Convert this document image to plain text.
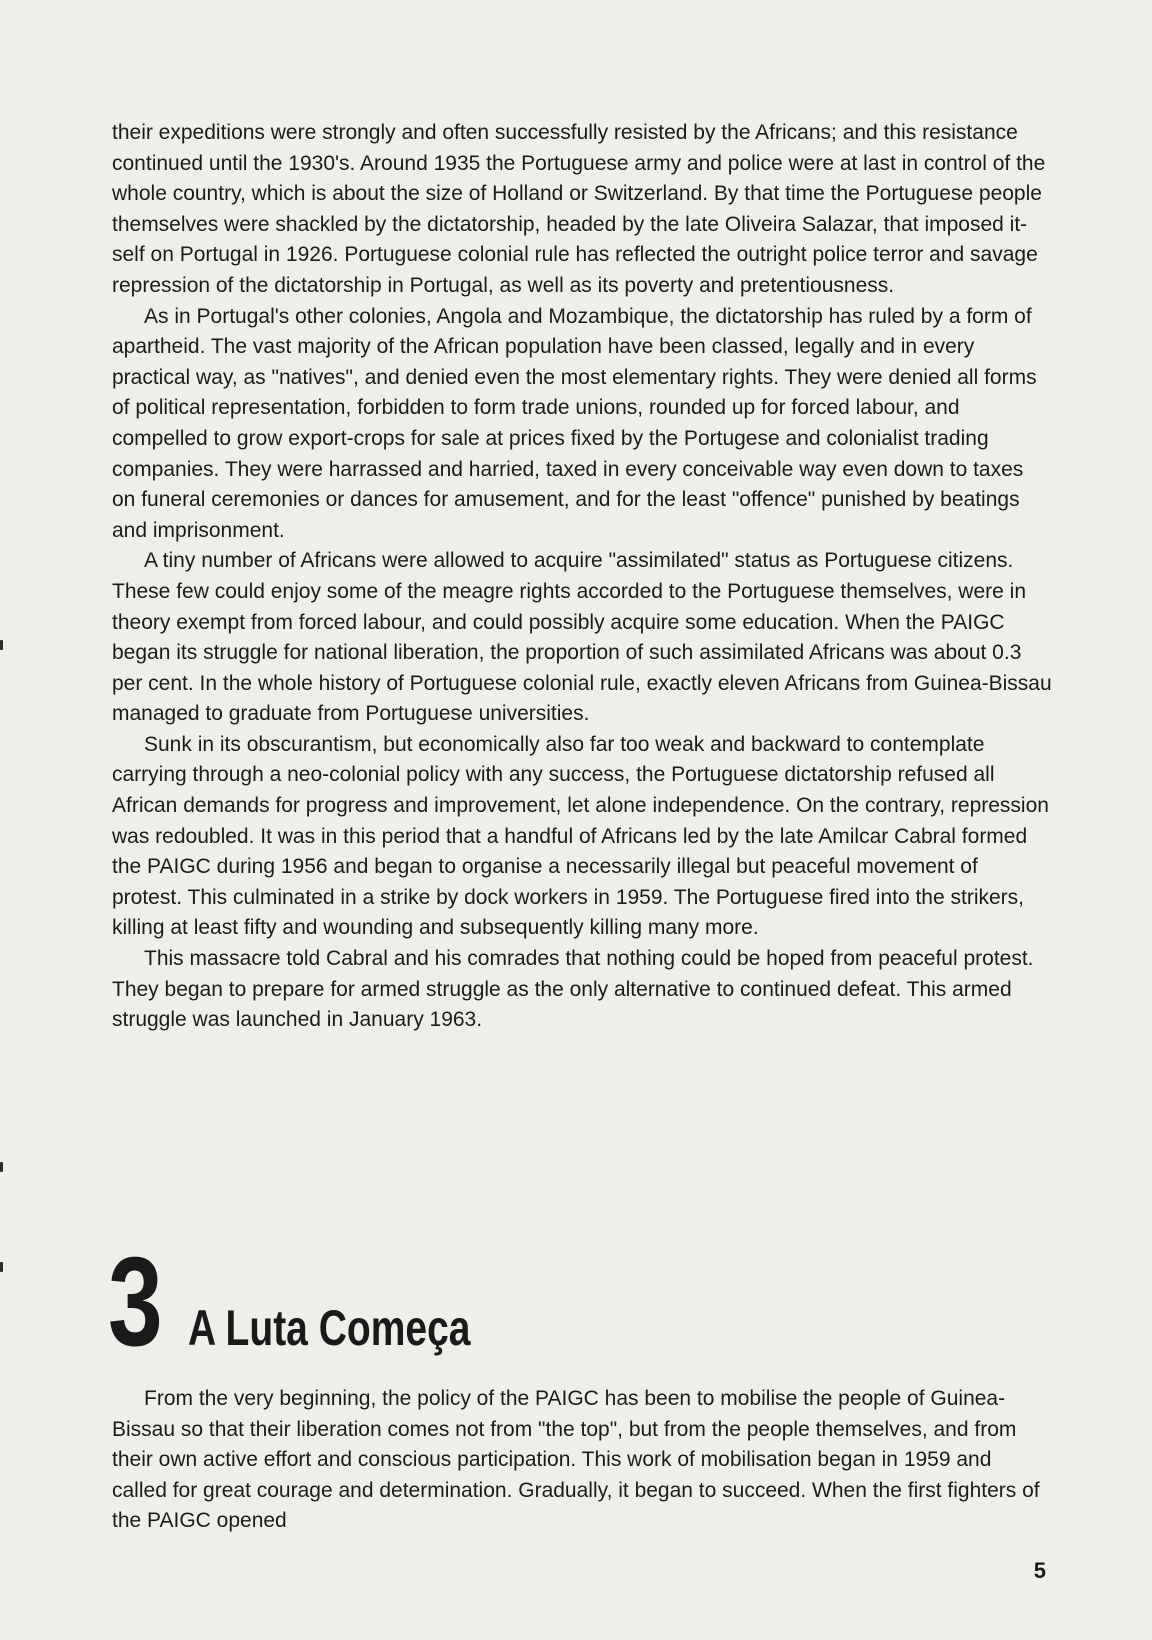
their expeditions were strongly and often successfully resisted by the Africans; and this resistance continued until the 1930's. Around 1935 the Portuguese army and police were at last in control of the whole country, which is about the size of Holland or Switzerland. By that time the Portuguese people themselves were shackled by the dictatorship, headed by the late Oliveira Salazar, that imposed itself on Portugal in 1926. Portuguese colonial rule has reflected the outright police terror and savage repression of the dictatorship in Portugal, as well as its poverty and pretentiousness.

As in Portugal's other colonies, Angola and Mozambique, the dictatorship has ruled by a form of apartheid. The vast majority of the African population have been classed, legally and in every practical way, as "natives", and denied even the most elementary rights. They were denied all forms of political representation, forbidden to form trade unions, rounded up for forced labour, and compelled to grow export-crops for sale at prices fixed by the Portugese and colonialist trading companies. They were harrassed and harried, taxed in every conceivable way even down to taxes on funeral ceremonies or dances for amusement, and for the least "offence" punished by beatings and imprisonment.

A tiny number of Africans were allowed to acquire "assimilated" status as Portuguese citizens. These few could enjoy some of the meagre rights accorded to the Portuguese themselves, were in theory exempt from forced labour, and could possibly acquire some education. When the PAIGC began its struggle for national liberation, the proportion of such assimilated Africans was about 0.3 per cent. In the whole history of Portuguese colonial rule, exactly eleven Africans from Guinea-Bissau managed to graduate from Portuguese universities.

Sunk in its obscurantism, but economically also far too weak and backward to contemplate carrying through a neo-colonial policy with any success, the Portuguese dictatorship refused all African demands for progress and improvement, let alone independence. On the contrary, repression was redoubled. It was in this period that a handful of Africans led by the late Amilcar Cabral formed the PAIGC during 1956 and began to organise a necessarily illegal but peaceful movement of protest. This culminated in a strike by dock workers in 1959. The Portuguese fired into the strikers, killing at least fifty and wounding and subsequently killing many more.

This massacre told Cabral and his comrades that nothing could be hoped from peaceful protest. They began to prepare for armed struggle as the only alternative to continued defeat. This armed struggle was launched in January 1963.

3 A Luta Começa

From the very beginning, the policy of the PAIGC has been to mobilise the people of Guinea-Bissau so that their liberation comes not from "the top", but from the people themselves, and from their own active effort and conscious participation. This work of mobilisation began in 1959 and called for great courage and determination. Gradually, it began to succeed. When the first fighters of the PAIGC opened

5
